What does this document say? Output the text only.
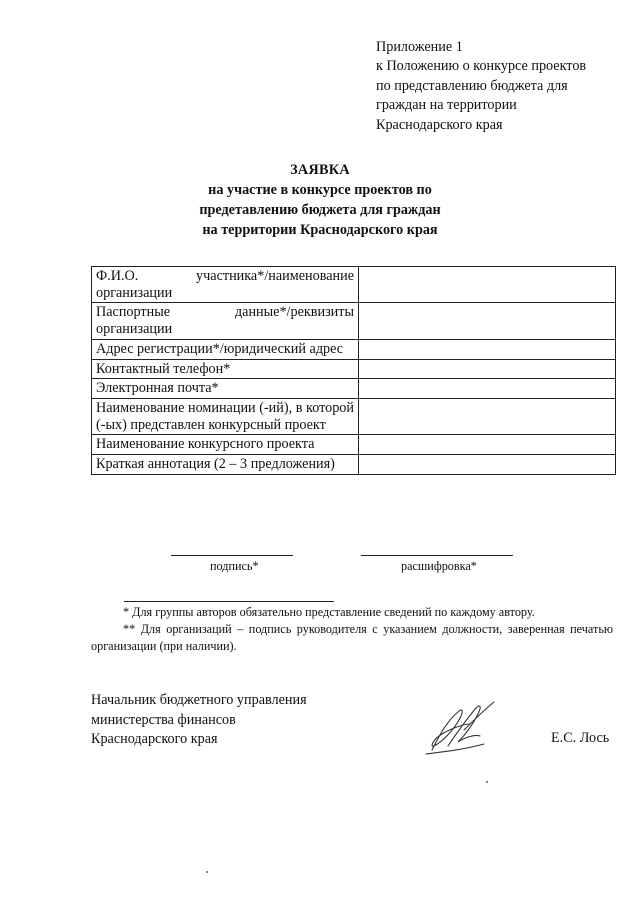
Приложение 1
к Положению о конкурсе проектов
по представлению бюджета для
граждан на территории
Краснодарского края
ЗАЯВКА
на участие в конкурсе проектов по
предетавлению бюджета для граждан
на территории Краснодарского края
Ф.И.О. участника*/наименование организации	
Паспортные данные*/реквизиты организации	
Адрес регистрации*/юридический адрес	
Контактный телефон*	
Электронная почта*	
Наименование номинации (-ий), в которой (-ых) представлен конкурсный проект	
Наименование конкурсного проекта	
Краткая аннотация (2 – 3 предложения)	
подпись*	расшифровка*

* Для группы авторов обязательно представление сведений по каждому автору.

** Для организаций – подпись руководителя с указанием должности, заверенная печатью организации (при наличии).

Начальник бюджетного управления
министерства финансов
Краснодарского края	Е.С. Лось
